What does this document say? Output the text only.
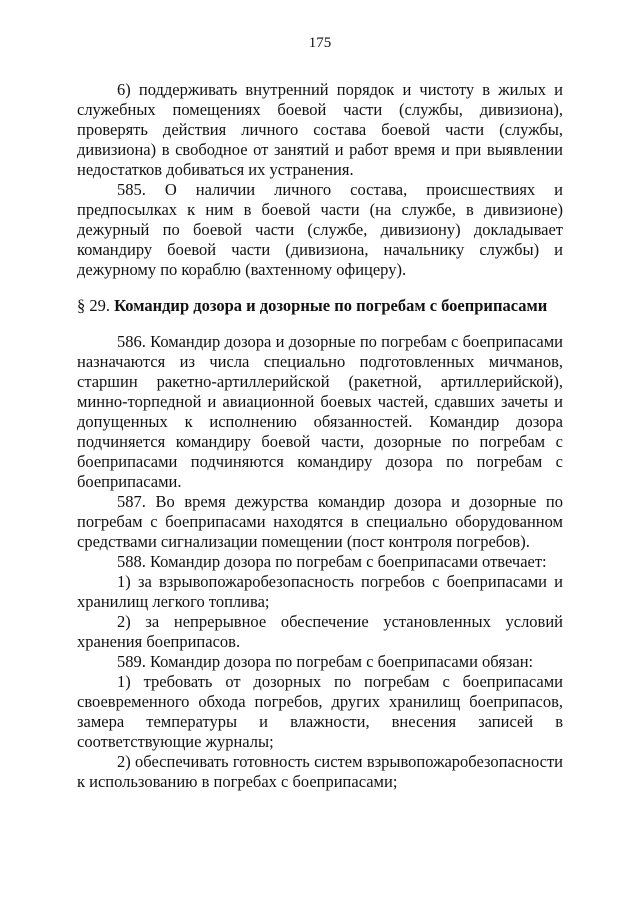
175

6) поддерживать внутренний порядок и чистоту в жилых и служебных помещениях боевой части (службы, дивизиона), проверять действия личного состава боевой части (службы, дивизиона) в свободное от занятий и работ время и при выявлении недостатков добиваться их устранения.

585. О наличии личного состава, происшествиях и предпосылках к ним в боевой части (на службе, в дивизионе) дежурный по боевой части (службе, дивизиону) докладывает командиру боевой части (дивизиона, начальнику службы) и дежурному по кораблю (вахтенному офицеру).

§ 29. Командир дозора и дозорные по погребам с боеприпасами

586. Командир дозора и дозорные по погребам с боеприпасами назначаются из числа специально подготовленных мичманов, старшин ракетно-артиллерийской (ракетной, артиллерийской), минно-торпедной и авиационной боевых частей, сдавших зачеты и допущенных к исполнению обязанностей. Командир дозора подчиняется командиру боевой части, дозорные по погребам с боеприпасами подчиняются командиру дозора по погребам с боеприпасами.

587. Во время дежурства командир дозора и дозорные по погребам с боеприпасами находятся в специально оборудованном средствами сигнализации помещении (пост контроля погребов).

588. Командир дозора по погребам с боеприпасами отвечает:

1) за взрывопожаробезопасность погребов с боеприпасами и хранилищ легкого топлива;

2) за непрерывное обеспечение установленных условий хранения боеприпасов.

589. Командир дозора по погребам с боеприпасами обязан:

1) требовать от дозорных по погребам с боеприпасами своевременного обхода погребов, других хранилищ боеприпасов, замера температуры и влажности, внесения записей в соответствующие журналы;

2) обеспечивать готовность систем взрывопожаробезопасности к использованию в погребах с боеприпасами;
